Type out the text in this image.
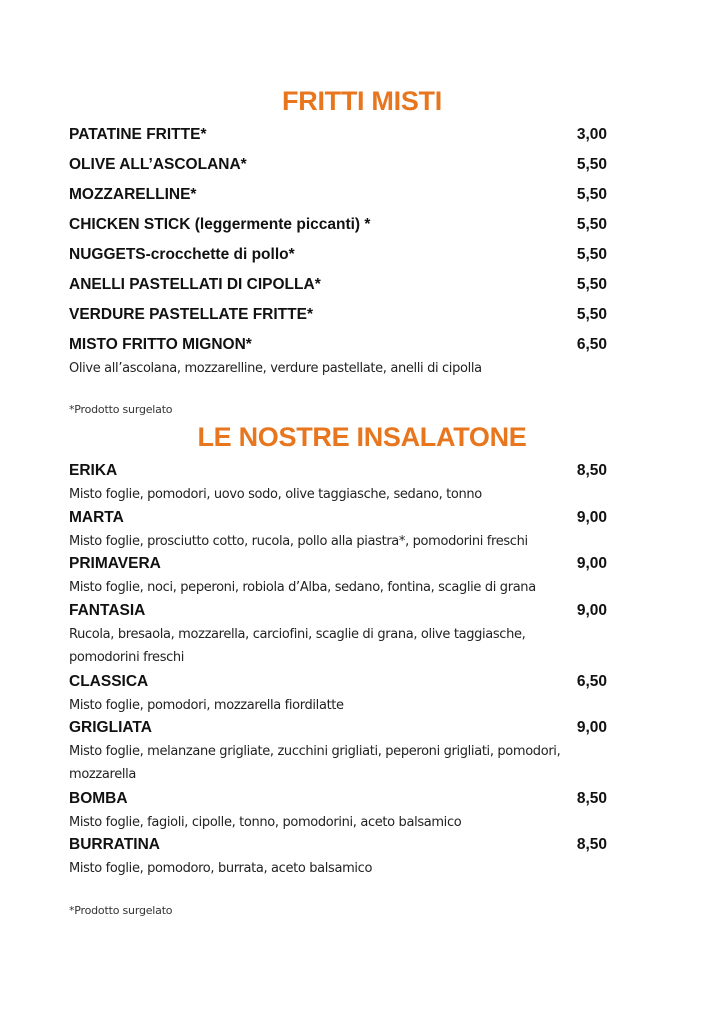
FRITTI MISTI
PATATINE FRITTE*	3,00
OLIVE ALL’ASCOLANA*	5,50
MOZZARELLINE*	5,50
CHICKEN STICK (leggermente piccanti) *	5,50
NUGGETS-crocchette di pollo*	5,50
ANELLI PASTELLATI DI CIPOLLA*	5,50
VERDURE PASTELLATE FRITTE*	5,50
MISTO FRITTO MIGNON*	6,50
Olive all’ascolana, mozzarelline, verdure pastellate, anelli di cipolla
*Prodotto surgelato
LE NOSTRE INSALATONE
ERIKA	8,50
Misto foglie, pomodori, uovo sodo, olive taggiasche, sedano, tonno
MARTA	9,00
Misto foglie, prosciutto cotto, rucola, pollo alla piastra*, pomodorini freschi
PRIMAVERA	9,00
Misto foglie, noci, peperoni, robiola d’Alba, sedano, fontina, scaglie di grana
FANTASIA	9,00
Rucola, bresaola, mozzarella, carciofini, scaglie di grana, olive taggiasche, pomodorini freschi
CLASSICA	6,50
Misto foglie, pomodori, mozzarella fiordilatte
GRIGLIATA	9,00
Misto foglie, melanzane grigliate, zucchini grigliati, peperoni grigliati, pomodori, mozzarella
BOMBA	8,50
Misto foglie, fagioli, cipolle, tonno, pomodorini, aceto balsamico
BURRATINA	8,50
Misto foglie, pomodoro, burrata, aceto balsamico
*Prodotto surgelato
